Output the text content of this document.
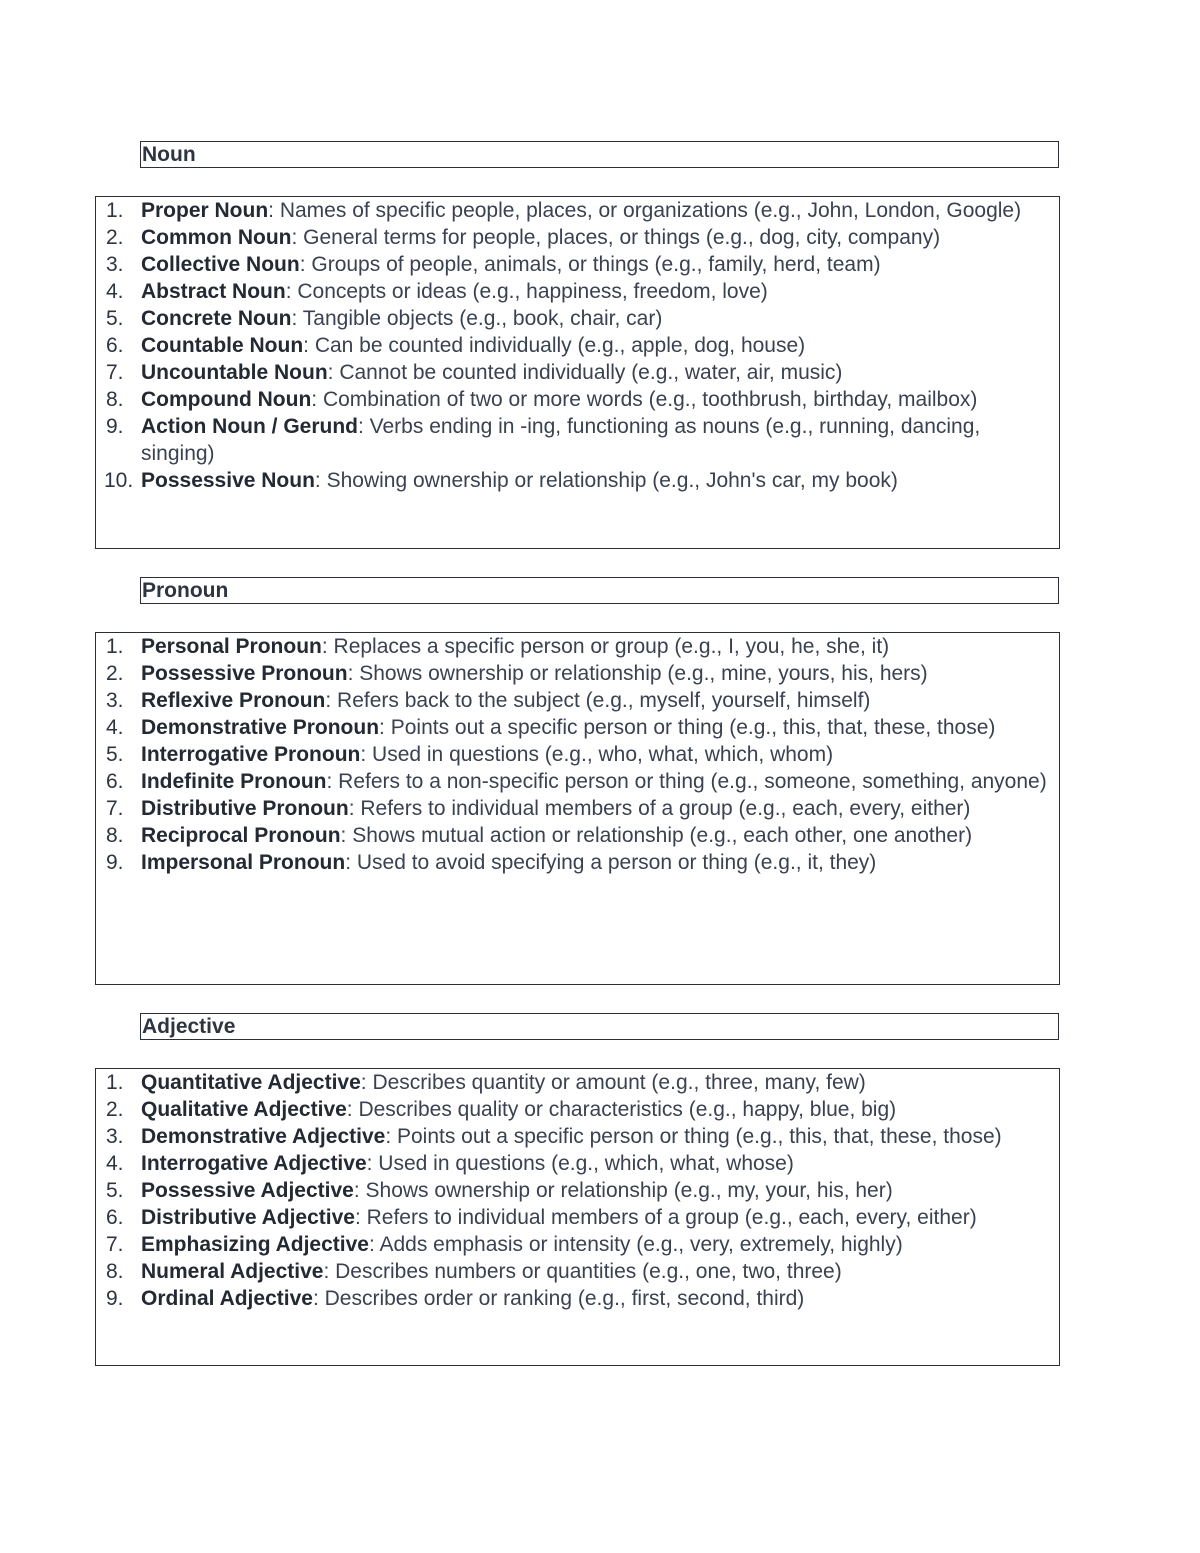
Noun
1. Proper Noun: Names of specific people, places, or organizations (e.g., John, London, Google)
2. Common Noun: General terms for people, places, or things (e.g., dog, city, company)
3. Collective Noun: Groups of people, animals, or things (e.g., family, herd, team)
4. Abstract Noun: Concepts or ideas (e.g., happiness, freedom, love)
5. Concrete Noun: Tangible objects (e.g., book, chair, car)
6. Countable Noun: Can be counted individually (e.g., apple, dog, house)
7. Uncountable Noun: Cannot be counted individually (e.g., water, air, music)
8. Compound Noun: Combination of two or more words (e.g., toothbrush, birthday, mailbox)
9. Action Noun / Gerund: Verbs ending in -ing, functioning as nouns (e.g., running, dancing, singing)
10. Possessive Noun: Showing ownership or relationship (e.g., John's car, my book)
Pronoun
1. Personal Pronoun: Replaces a specific person or group (e.g., I, you, he, she, it)
2. Possessive Pronoun: Shows ownership or relationship (e.g., mine, yours, his, hers)
3. Reflexive Pronoun: Refers back to the subject (e.g., myself, yourself, himself)
4. Demonstrative Pronoun: Points out a specific person or thing (e.g., this, that, these, those)
5. Interrogative Pronoun: Used in questions (e.g., who, what, which, whom)
6. Indefinite Pronoun: Refers to a non-specific person or thing (e.g., someone, something, anyone)
7. Distributive Pronoun: Refers to individual members of a group (e.g., each, every, either)
8. Reciprocal Pronoun: Shows mutual action or relationship (e.g., each other, one another)
9. Impersonal Pronoun: Used to avoid specifying a person or thing (e.g., it, they)
Adjective
1. Quantitative Adjective: Describes quantity or amount (e.g., three, many, few)
2. Qualitative Adjective: Describes quality or characteristics (e.g., happy, blue, big)
3. Demonstrative Adjective: Points out a specific person or thing (e.g., this, that, these, those)
4. Interrogative Adjective: Used in questions (e.g., which, what, whose)
5. Possessive Adjective: Shows ownership or relationship (e.g., my, your, his, her)
6. Distributive Adjective: Refers to individual members of a group (e.g., each, every, either)
7. Emphasizing Adjective: Adds emphasis or intensity (e.g., very, extremely, highly)
8. Numeral Adjective: Describes numbers or quantities (e.g., one, two, three)
9. Ordinal Adjective: Describes order or ranking (e.g., first, second, third)
